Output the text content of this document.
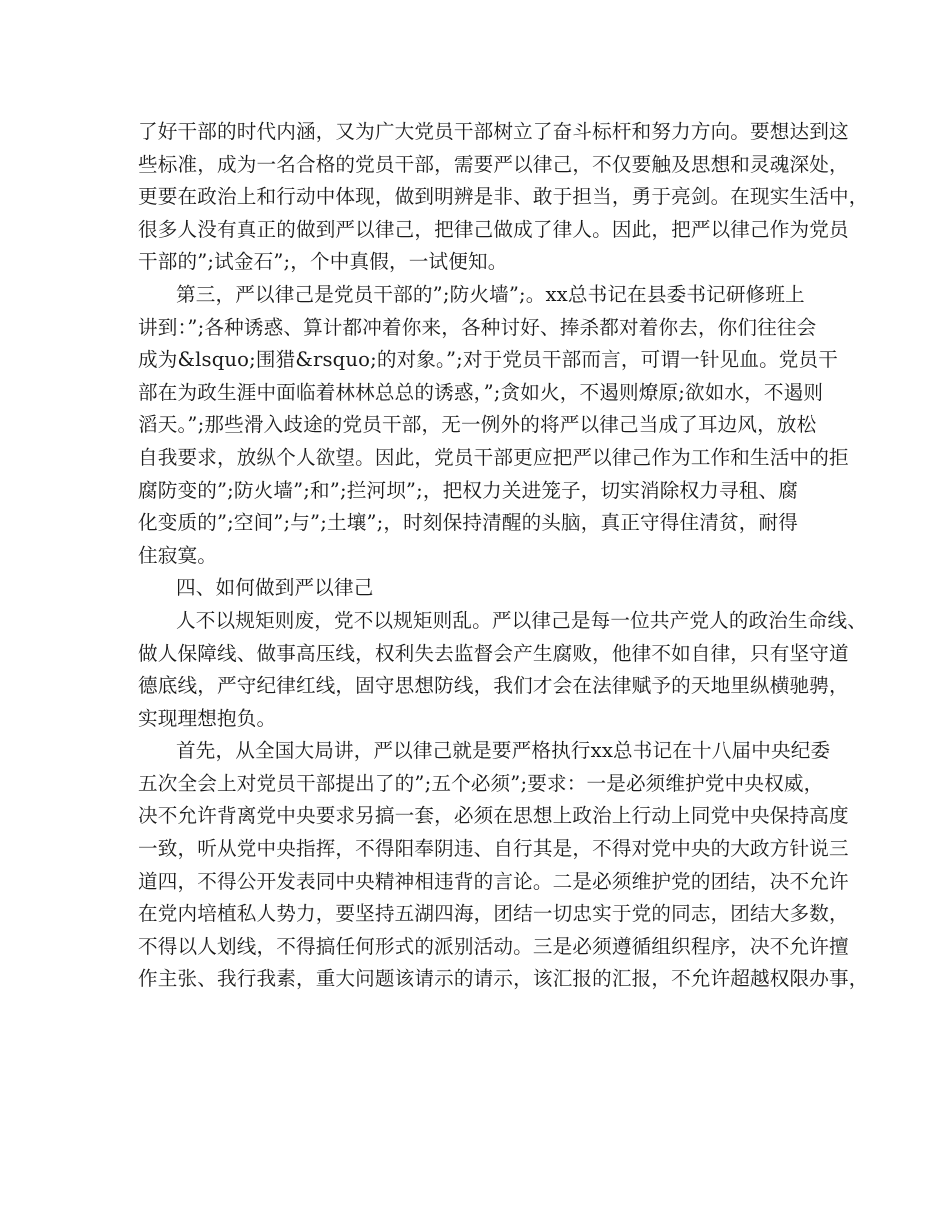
了好干部的时代内涵，又为广大党员干部树立了奋斗标杆和努力方向。要想达到这
些标准，成为一名合格的党员干部，需要严以律己，不仅要触及思想和灵魂深处，
更要在政治上和行动中体现，做到明辨是非、敢于担当，勇于亮剑。在现实生活中，
很多人没有真正的做到严以律己，把律己做成了律人。因此，把严以律己作为党员
干部的”;试金石”;，个中真假，一试便知。
第三，严以律己是党员干部的”;防火墙”;。xx总书记在县委书记研修班上
讲到：”;各种诱惑、算计都冲着你来，各种讨好、捧杀都对着你去，你们往往会
成为&lsquo;围猎&rsquo;的对象。”;对于党员干部而言，可谓一针见血。党员干
部在为政生涯中面临着林林总总的诱惑，”;贪如火，不遏则燎原;欲如水，不遏则
滔天。”;那些滑入歧途的党员干部，无一例外的将严以律己当成了耳边风，放松
自我要求，放纵个人欲望。因此，党员干部更应把严以律己作为工作和生活中的拒
腐防变的”;防火墙”;和”;拦河坝”;，把权力关进笼子，切实消除权力寻租、腐
化变质的”;空间”;与”;土壤”;，时刻保持清醒的头脑，真正守得住清贫，耐得
住寂寞。
四、如何做到严以律己
人不以规矩则废，党不以规矩则乱。严以律己是每一位共产党人的政治生命线、
做人保障线、做事高压线，权利失去监督会产生腐败，他律不如自律，只有坚守道
德底线，严守纪律红线，固守思想防线，我们才会在法律赋予的天地里纵横驰骋，
实现理想抱负。
首先，从全国大局讲，严以律己就是要严格执行xx总书记在十八届中央纪委
五次全会上对党员干部提出了的”;五个必须”;要求：一是必须维护党中央权威，
决不允许背离党中央要求另搞一套，必须在思想上政治上行动上同党中央保持高度
一致，听从党中央指挥，不得阳奉阴违、自行其是，不得对党中央的大政方针说三
道四，不得公开发表同中央精神相违背的言论。二是必须维护党的团结，决不允许
在党内培植私人势力，要坚持五湖四海，团结一切忠实于党的同志，团结大多数，
不得以人划线，不得搞任何形式的派别活动。三是必须遵循组织程序，决不允许擅
作主张、我行我素，重大问题该请示的请示，该汇报的汇报，不允许超越权限办事，
